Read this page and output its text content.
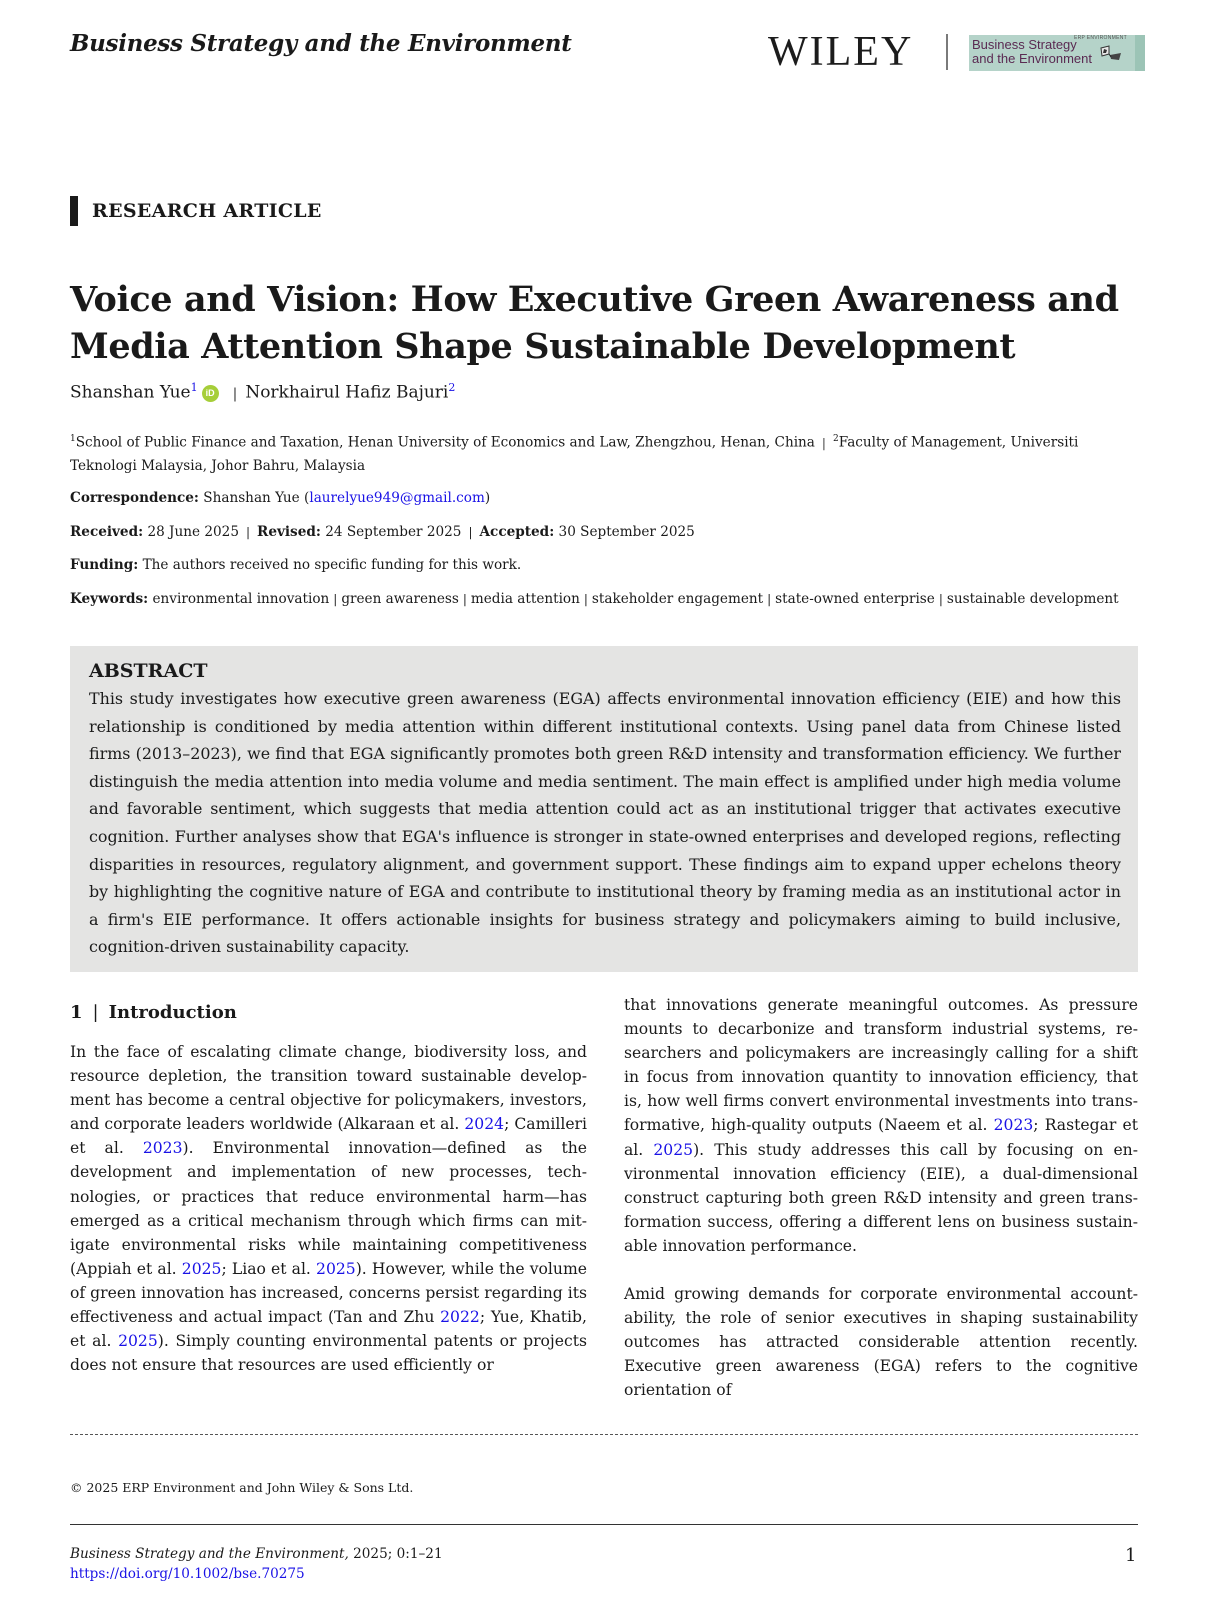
Business Strategy and the Environment	WILEY	Business Strategy
and the Environment
ERP ENVIRONMENT
RESEARCH ARTICLE
Voice and Vision: How Executive Green Awareness and
Media Attention Shape Sustainable Development
Shanshan Yue$^1$ iD | Norkhairul Hafiz Bajuri$^2$
$^1$School of Public Finance and Taxation, Henan University of Economics and Law, Zhengzhou, Henan, China | $^2$Faculty of Management, Universiti Teknologi Malaysia, Johor Bahru, Malaysia
Correspondence: Shanshan Yue (laurelyue949@gmail.com)
Received: 28 June 2025 | Revised: 24 September 2025 | Accepted: 30 September 2025
Funding: The authors received no specific funding for this work.
Keywords: environmental innovation | green awareness | media attention | stakeholder engagement | state-owned enterprise | sustainable development
ABSTRACT
This study investigates how executive green awareness (EGA) affects environmental innovation efficiency (EIE) and how this relationship is conditioned by media attention within different institutional contexts. Using panel data from Chinese listed firms (2013–2023), we find that EGA significantly promotes both green R&D intensity and transformation efficiency. We further distinguish the media attention into media volume and media sentiment. The main effect is amplified under high media volume and favorable sentiment, which suggests that media attention could act as an institutional trigger that activates executive cognition. Further analyses show that EGA's influence is stronger in state-owned enterprises and developed regions, reflecting disparities in resources, regulatory alignment, and government support. These findings aim to expand upper echelons theory by highlighting the cognitive nature of EGA and contribute to institutional theory by framing media as an institutional actor in a firm's EIE performance. It offers actionable insights for business strategy and policymakers aiming to build inclusive, cognition-driven sustainability capacity.
1 | Introduction

In the face of escalating climate change, biodiversity loss, and resource depletion, the transition toward sustainable development has become a central objective for policymakers, investors, and corporate leaders worldwide (Alkaraan et al. 2024; Camilleri et al. 2023). Environmental innovation—defined as the development and implementation of new processes, technologies, or practices that reduce environmental harm—has emerged as a critical mechanism through which firms can mitigate environmental risks while maintaining competitiveness (Appiah et al. 2025; Liao et al. 2025). However, while the volume of green innovation has increased, concerns persist regarding its effectiveness and actual impact (Tan and Zhu 2022; Yue, Khatib, et al. 2025). Simply counting environmental patents or projects does not ensure that resources are used efficiently or

that innovations generate meaningful outcomes. As pressure mounts to decarbonize and transform industrial systems, researchers and policymakers are increasingly calling for a shift in focus from innovation quantity to innovation efficiency, that is, how well firms convert environmental investments into transformative, high-quality outputs (Naeem et al. 2023; Rastegar et al. 2025). This study addresses this call by focusing on environmental innovation efficiency (EIE), a dual-dimensional construct capturing both green R&D intensity and green transformation success, offering a different lens on business sustainable innovation performance.

Amid growing demands for corporate environmental accountability, the role of senior executives in shaping sustainability outcomes has attracted considerable attention recently. Executive green awareness (EGA) refers to the cognitive orientation of

© 2025 ERP Environment and John Wiley & Sons Ltd.
Business Strategy and the Environment, 2025; 0:1–21
https://doi.org/10.1002/bse.70275
1
